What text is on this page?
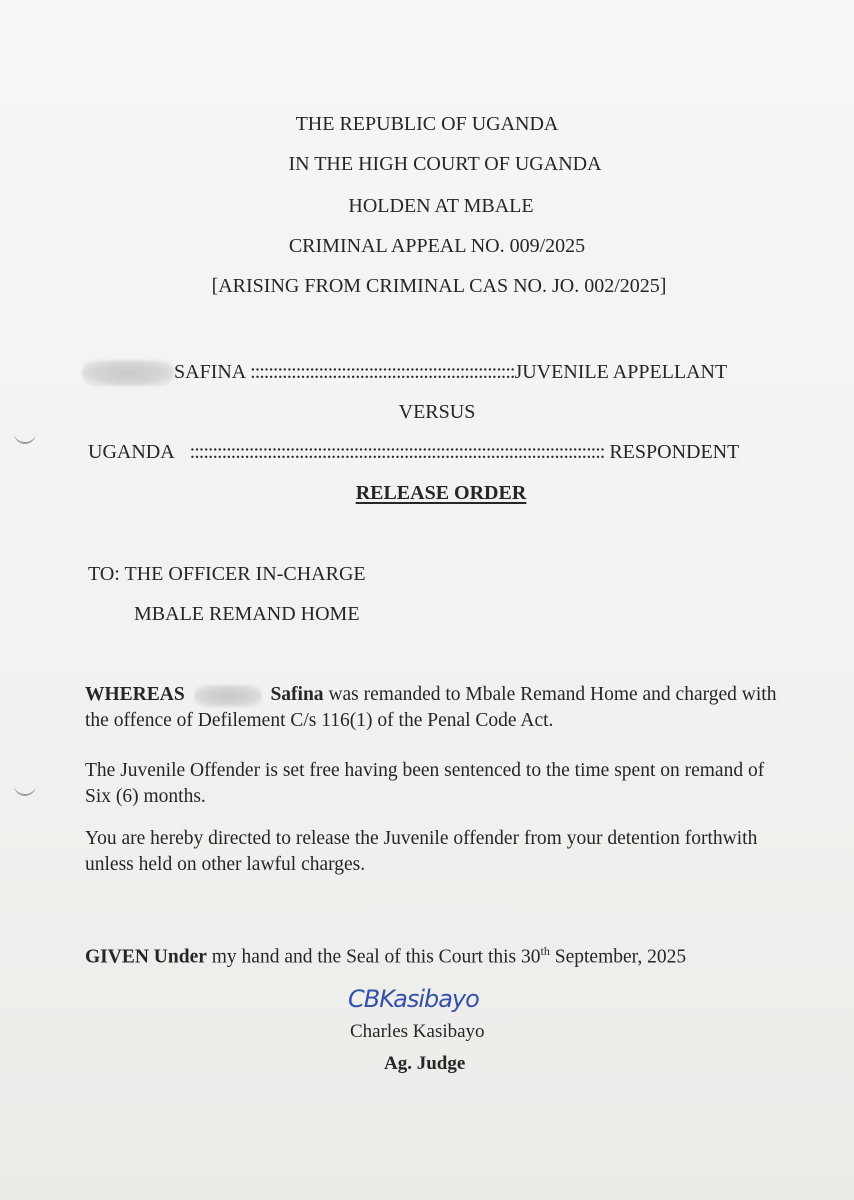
THE REPUBLIC OF UGANDA
IN THE HIGH COURT OF UGANDA
HOLDEN AT MBALE
CRIMINAL APPEAL NO. 009/2025
[ARISING FROM CRIMINAL CAS NO. JO. 002/2025]
SAFINA ::::::::::::::::::::::::::::::::::::::::::::::::::::::::::JUVENILE APPELLANT
VERSUS
UGANDA ::::::::::::::::::::::::::::::::::::::::::::::::::::::::::::::::::::::::::::::::::::::::::: RESPONDENT
RELEASE ORDER
TO: THE OFFICER IN-CHARGE
MBALE REMAND HOME

WHEREAS	Safina was remanded to Mbale Remand Home and charged with the offence of Defilement C/s 116(1) of the Penal Code Act.

The Juvenile Offender is set free having been sentenced to the time spent on remand of Six (6) months.
You are hereby directed to release the Juvenile offender from your detention forthwith unless held on other lawful charges.
GIVEN Under my hand and the Seal of this Court this 30th September, 2025
CBKasibayo
Charles Kasibayo
Ag. Judge
